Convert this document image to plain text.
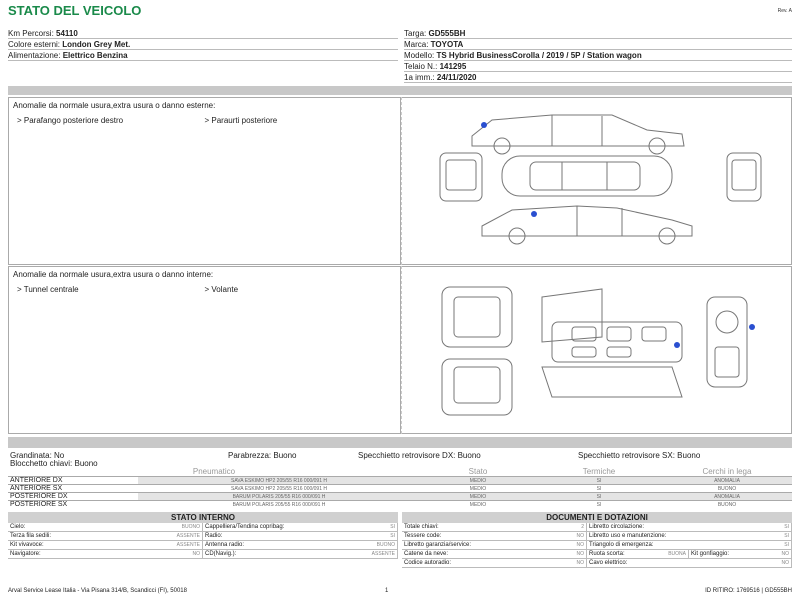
STATO DEL VEICOLO	Rev. A
Km Percorsi: 54110
Colore esterni: London Grey Met.
Alimentazione: Elettrico Benzina
Targa: GD555BH
Marca: TOYOTA
Modello: TS Hybrid BusinessCorolla / 2019 / 5P / Station wagon
Telaio N.: 141295
1a imm.: 24/11/2020
Anomalie da normale usura,extra usura o danno esterne:
> Parafango posteriore destro	> Paraurti posteriore
Anomalie da normale usura,extra usura o danno interne:
> Tunnel centrale	> Volante
Grandinata: No	Parabrezza: Buono	Specchietto retrovisore DX: Buono	Specchietto retrovisore SX: Buono
Blocchetto chiavi: Buono
Pneumatico		Stato	Termiche	Cerchi in lega
ANTERIORE DX	SAVA ESKIMO HP2 205/55 R16 000/091 H	MEDIO	SI	ANOMALIA
ANTERIORE SX	SAVA ESKIMO HP2 205/55 R16 000/091 H	MEDIO	SI	BUONO
POSTERIORE DX	BARUM POLARIS 205/55 R16 000/091 H	MEDIO	SI	ANOMALIA
POSTERIORE SX	BARUM POLARIS 205/55 R16 000/091 H	MEDIO	SI	BUONO
STATO INTERNO
Cielo:	BUONO Cappelliera/Tendina copribag:	SI
Terza fila sedili:	ASSENTE Radio:	SI
Kit vivavoce:	ASSENTE Antenna radio:	BUONO
Navigatore:	NO CD(Navig.):	ASSENTE
DOCUMENTI E DOTAZIONI
Totale chiavi:	2 Libretto circolazione:	SI
Tessere code:	NO Libretto uso e manutenzione:	SI
Libretto garanzia/service:	NO Triangolo di emergenza:	SI
Catene da neve:	NO Ruota scorta:	BUONA Kit gonfiaggio:	NO
Codice autoradio:	NO Cavo elettrico:	NO
Arval Service Lease Italia - Via Pisana 314/B, Scandicci (FI), 50018	1	ID RITIRO: 1769516 | GD555BH
